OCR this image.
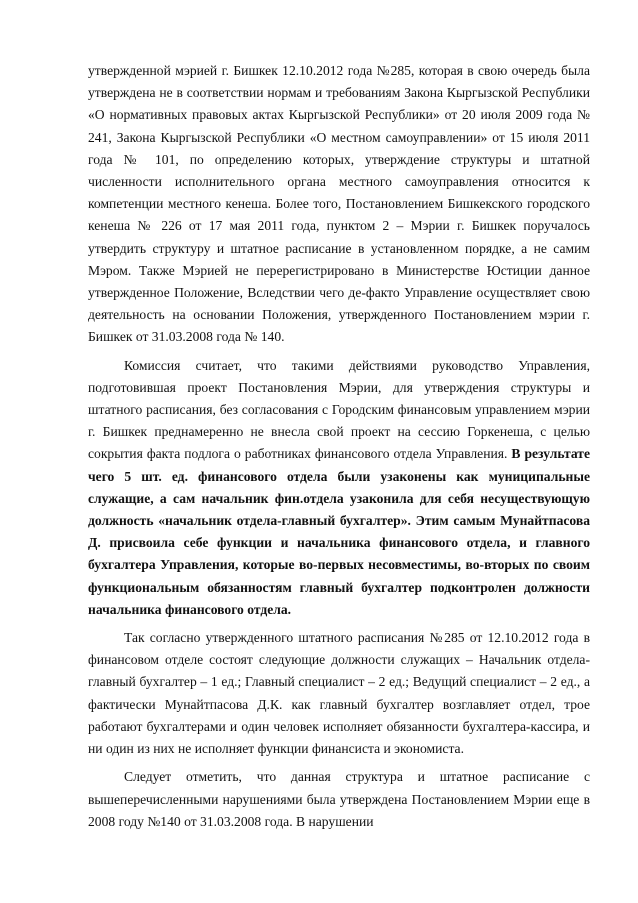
утвержденной мэрией г. Бишкек 12.10.2012 года №285, которая в свою очередь была утверждена не в соответствии нормам и требованиям Закона Кыргызской Республики «О нормативных правовых актах Кыргызской Республики» от 20 июля 2009 года № 241, Закона Кыргызской Республики «О местном самоуправлении» от 15 июля 2011 года № 101, по определению которых, утверждение структуры и штатной численности исполнительного органа местного самоуправления относится к компетенции местного кенеша. Более того, Постановлением Бишкекского городского кенеша № 226 от 17 мая 2011 года, пунктом 2 – Мэрии г. Бишкек поручалось утвердить структуру и штатное расписание в установленном порядке, а не самим Мэром. Также Мэрией не перерегистрировано в Министерстве Юстиции данное утвержденное Положение, Вследствии чего де-факто Управление осуществляет свою деятельность на основании Положения, утвержденного Постановлением мэрии г. Бишкек от 31.03.2008 года № 140.

Комиссия считает, что такими действиями руководство Управления, подготовившая проект Постановления Мэрии, для утверждения структуры и штатного расписания, без согласования с Городским финансовым управлением мэрии г. Бишкек преднамеренно не внесла свой проект на сессию Горкенеша, с целью сокрытия факта подлога о работниках финансового отдела Управления. В результате чего 5 шт. ед. финансового отдела были узаконены как муниципальные служащие, а сам начальник фин.отдела узаконила для себя несуществующую должность «начальник отдела-главный бухгалтер». Этим самым Мунайтпасова Д. присвоила себе функции и начальника финансового отдела, и главного бухгалтера Управления, которые во-первых несовместимы, во-вторых по своим функциональным обязанностям главный бухгалтер подконтролен должности начальника финансового отдела.

Так согласно утвержденного штатного расписания №285 от 12.10.2012 года в финансовом отделе состоят следующие должности служащих – Начальник отдела-главный бухгалтер – 1 ед.; Главный специалист – 2 ед.; Ведущий специалист – 2 ед., а фактически Мунайтпасова Д.К. как главный бухгалтер возглавляет отдел, трое работают бухгалтерами и один человек исполняет обязанности бухгалтера-кассира, и ни один из них не исполняет функции финансиста и экономиста.

Следует отметить, что данная структура и штатное расписание с вышеперечисленными нарушениями была утверждена Постановлением Мэрии еще в 2008 году №140 от 31.03.2008 года. В нарушении
